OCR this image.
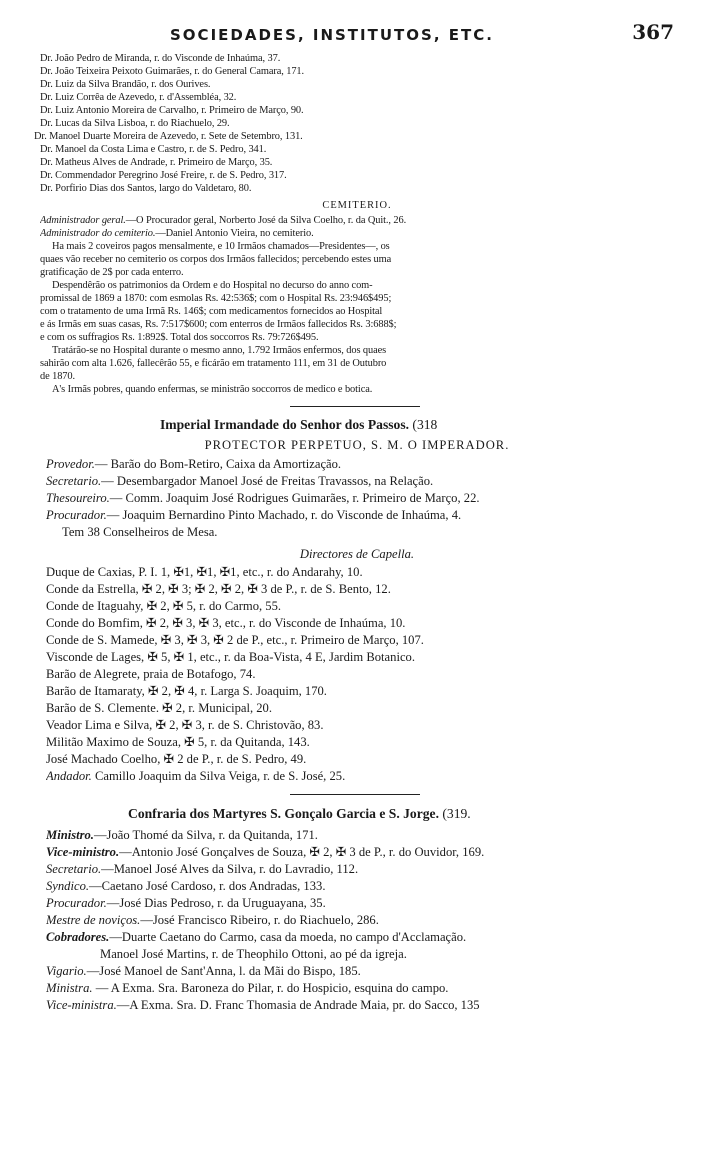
SOCIEDADES, INSTITUTOS, ETC.	367
Dr. João Pedro de Miranda, r. do Visconde de Inhaúma, 37.
Dr. João Teixeira Peixoto Guimarães, r. do General Camara, 171.
Dr. Luiz da Silva Brandão, r. dos Ourives.
Dr. Luiz Corrêa de Azevedo, r. d'Assembléa, 32.
Dr. Luiz Antonio Moreira de Carvalho, r. Primeiro de Março, 90.
Dr. Lucas da Silva Lisboa, r. do Riachuelo, 29.
Dr. Manoel Duarte Moreira de Azevedo, r. Sete de Setembro, 131.
Dr. Manoel da Costa Lima e Castro, r. de S. Pedro, 341.
Dr. Matheus Alves de Andrade, r. Primeiro de Março, 35.
Dr. Commendador Peregrino José Freire, r. de S. Pedro, 317.
Dr. Porfirio Dias dos Santos, largo do Valdetaro, 80.
CEMITERIO.
Administrador geral.—O Procurador geral, Norberto José da Silva Coelho, r. da Quit., 26.
Administrador do cemiterio.—Daniel Antonio Vieira, no cemiterio.
Ha mais 2 coveiros pagos mensalmente, e 10 Irmãos chamados—Presidentes—, os
quaes vão receber no cemiterio os corpos dos Irmãos fallecidos; percebendo estes uma
gratificação de 2$ por cada enterro.
Despendêrão os patrimonios da Ordem e do Hospital no decurso do anno com-
promissal de 1869 a 1870: com esmolas Rs. 42:536$; com o Hospital Rs. 23:946$495;
com o tratamento de uma Irmã Rs. 146$; com medicamentos fornecidos ao Hospital
e ás Irmãs em suas casas, Rs. 7:517$600; com enterros de Irmãos fallecidos Rs. 3:688$;
e com os suffragios Rs. 1:892$. Total dos soccorros Rs. 79:726$495.
Tratárão-se no Hospital durante o mesmo anno, 1.792 Irmãos enfermos, dos quaes
sahirão com alta 1.626, fallecêrão 55, e ficárão em tratamento 111, em 31 de Outubro
de 1870.
A's Irmãs pobres, quando enfermas, se ministrão soccorros de medico e botica.
Imperial Irmandade do Senhor dos Passos. (318
PROTECTOR PERPETUO, S. M. O IMPERADOR.
Provedor.— Barão do Bom-Retiro, Caixa da Amortização.
Secretario.— Desembargador Manoel José de Freitas Travassos, na Relação.
Thesoureiro.— Comm. Joaquim José Rodrigues Guimarães, r. Primeiro de Março, 22.
Procurador.— Joaquim Bernardino Pinto Machado, r. do Visconde de Inhaúma, 4.
Tem 38 Conselheiros de Mesa.
Directores de Capella.
Duque de Caxias, P. I. 1, ✠1, ✠1, ✠1, etc., r. do Andarahy, 10.
Conde da Estrella, ✠ 2, ✠ 3; ✠ 2, ✠ 2, ✠ 3 de P., r. de S. Bento, 12.
Conde de Itaguahy, ✠ 2, ✠ 5, r. do Carmo, 55.
Conde do Bomfim, ✠ 2, ✠ 3, ✠ 3, etc., r. do Visconde de Inhaúma, 10.
Conde de S. Mamede, ✠ 3, ✠ 3, ✠ 2 de P., etc., r. Primeiro de Março, 107.
Visconde de Lages, ✠ 5, ✠ 1, etc., r. da Boa-Vista, 4 E, Jardim Botanico.
Barão de Alegrete, praia de Botafogo, 74.
Barão de Itamaraty, ✠ 2, ✠ 4, r. Larga S. Joaquim, 170.
Barão de S. Clemente. ✠ 2, r. Municipal, 20.
Veador Lima e Silva, ✠ 2, ✠ 3, r. de S. Christovão, 83.
Militão Maximo de Souza, ✠ 5, r. da Quitanda, 143.
José Machado Coelho, ✠ 2 de P., r. de S. Pedro, 49.
Andador. Camillo Joaquim da Silva Veiga, r. de S. José, 25.
Confraria dos Martyres S. Gonçalo Garcia e S. Jorge. (319.
Ministro.—João Thomé da Silva, r. da Quitanda, 171.
Vice-ministro.—Antonio José Gonçalves de Souza, ✠ 2, ✠ 3 de P., r. do Ouvidor, 169.
Secretario.—Manoel José Alves da Silva, r. do Lavradio, 112.
Syndico.—Caetano José Cardoso, r. dos Andradas, 133.
Procurador.—José Dias Pedroso, r. da Uruguayana, 35.
Mestre de noviços.—José Francisco Ribeiro, r. do Riachuelo, 286.
Cobradores.—Duarte Caetano do Carmo, casa da moeda, no campo d'Acclamação.
Manoel José Martins, r. de Theophilo Ottoni, ao pé da igreja.
Vigario.—José Manoel de Sant'Anna, l. da Mãi do Bispo, 185.
Ministra. — A Exma. Sra. Baroneza do Pilar, r. do Hospicio, esquina do campo.
Vice-ministra.—A Exma. Sra. D. Franc Thomasia de Andrade Maia, pr. do Sacco, 135
